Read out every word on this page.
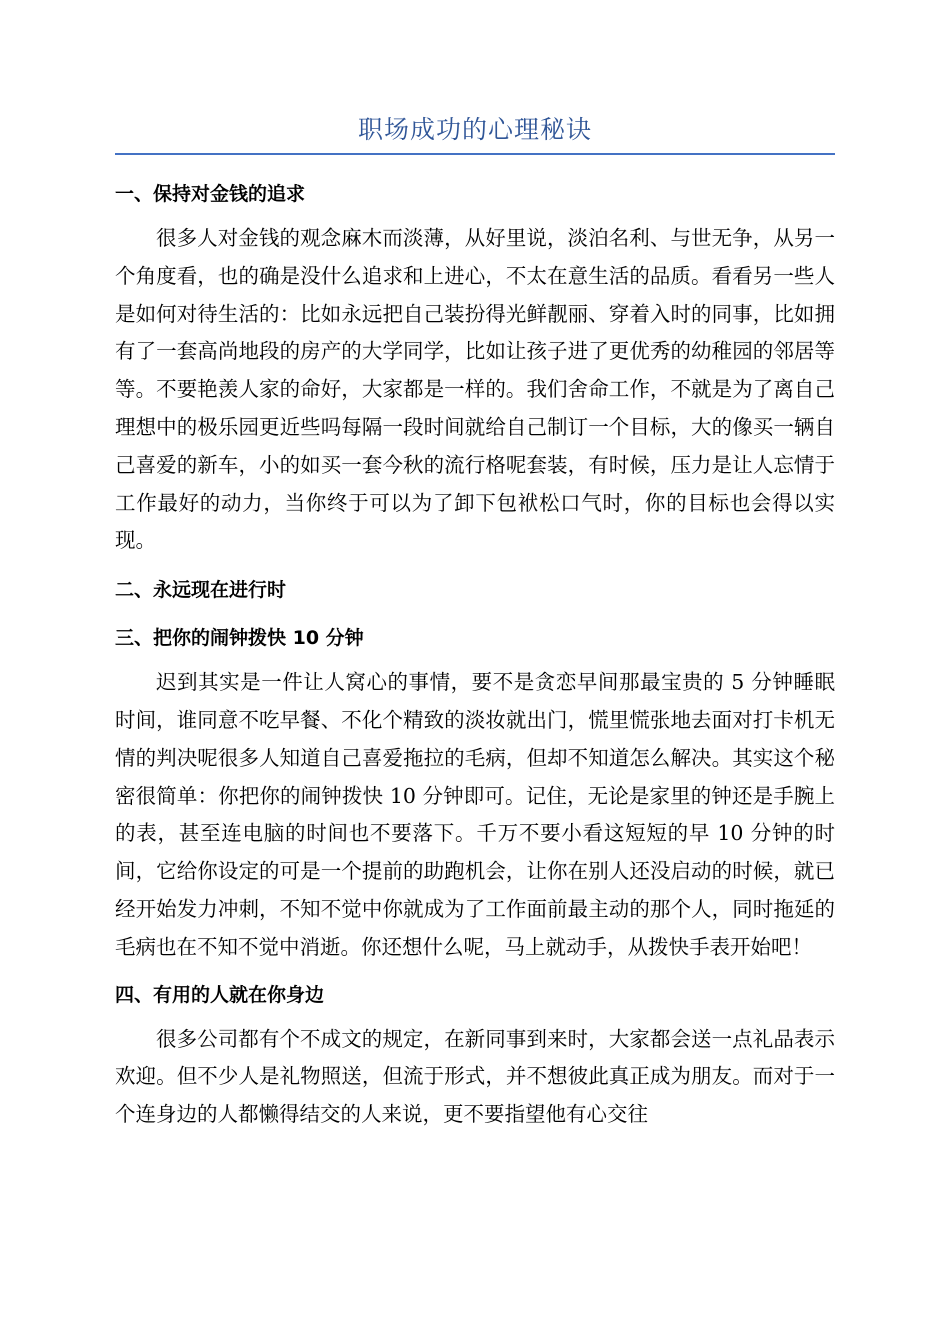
职场成功的心理秘诀
一、保持对金钱的追求

很多人对金钱的观念麻木而淡薄，从好里说，淡泊名利、与世无争，从另一个角度看，也的确是没什么追求和上进心，不太在意生活的品质。看看另一些人是如何对待生活的：比如永远把自己装扮得光鲜靓丽、穿着入时的同事，比如拥有了一套高尚地段的房产的大学同学，比如让孩子进了更优秀的幼稚园的邻居等等。不要艳羡人家的命好，大家都是一样的。我们舍命工作，不就是为了离自己理想中的极乐园更近些吗每隔一段时间就给自己制订一个目标，大的像买一辆自己喜爱的新车，小的如买一套今秋的流行格呢套装，有时候，压力是让人忘情于工作最好的动力，当你终于可以为了卸下包袱松口气时，你的目标也会得以实现。

二、永远现在进行时
三、把你的闹钟拨快 10 分钟

迟到其实是一件让人窝心的事情，要不是贪恋早间那最宝贵的 5 分钟睡眠时间，谁同意不吃早餐、不化个精致的淡妆就出门，慌里慌张地去面对打卡机无情的判决呢很多人知道自己喜爱拖拉的毛病，但却不知道怎么解决。其实这个秘密很简单：你把你的闹钟拨快 10 分钟即可。记住，无论是家里的钟还是手腕上的表，甚至连电脑的时间也不要落下。千万不要小看这短短的早 10 分钟的时间，它给你设定的可是一个提前的助跑机会，让你在别人还没启动的时候，就已经开始发力冲刺，不知不觉中你就成为了工作面前最主动的那个人，同时拖延的毛病也在不知不觉中消逝。你还想什么呢，马上就动手，从拨快手表开始吧！

四、有用的人就在你身边

很多公司都有个不成文的规定，在新同事到来时，大家都会送一点礼品表示欢迎。但不少人是礼物照送，但流于形式，并不想彼此真正成为朋友。而对于一个连身边的人都懒得结交的人来说，更不要指望他有心交往
